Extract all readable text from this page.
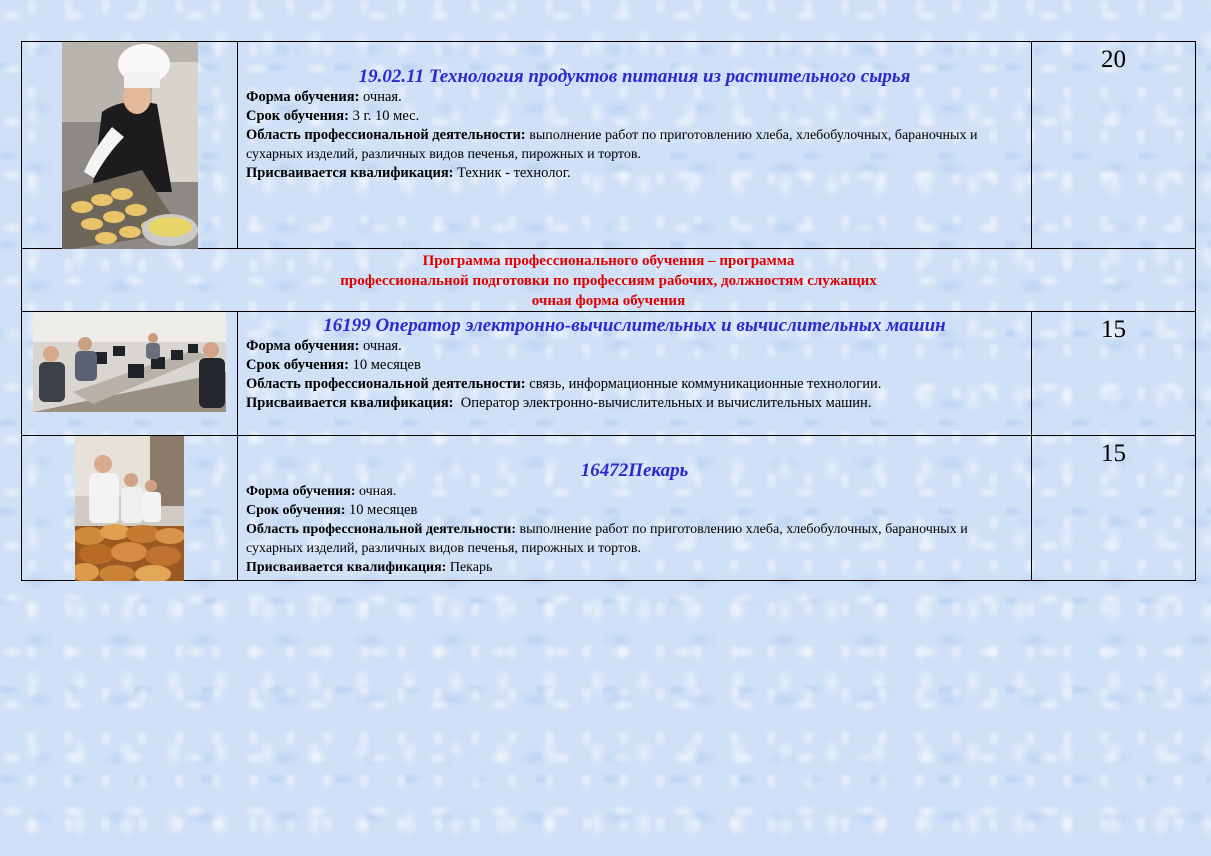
19.02.11 Технология продуктов питания из растительного сырья
Форма обучения: очная.
Срок обучения: 3 г. 10 мес.
Область профессиональной деятельности: выполнение работ по приготовлению хлеба, хлебобулочных, бараночных и сухарных изделий, различных видов печенья, пирожных и тортов.
Присваивается квалификация: Техник - технолог.	20

Программа профессионального обучения – программа
профессиональной подготовки по профессиям рабочих, должностям служащих
очная форма обучения		

16199 Оператор электронно-вычислительных и вычислительных машин
Форма обучения: очная.
Срок обучения: 10 месяцев
Область профессиональной деятельности: связь, информационные коммуникационные технологии.
Присваивается квалификация: Оператор электронно-вычислительных и вычислительных машин.	15

16472Пекарь
Форма обучения: очная.
Срок обучения: 10 месяцев
Область профессиональной деятельности: выполнение работ по приготовлению хлеба, хлебобулочных, бараночных и сухарных изделий, различных видов печенья, пирожных и тортов.
Присваивается квалификация: Пекарь	15
